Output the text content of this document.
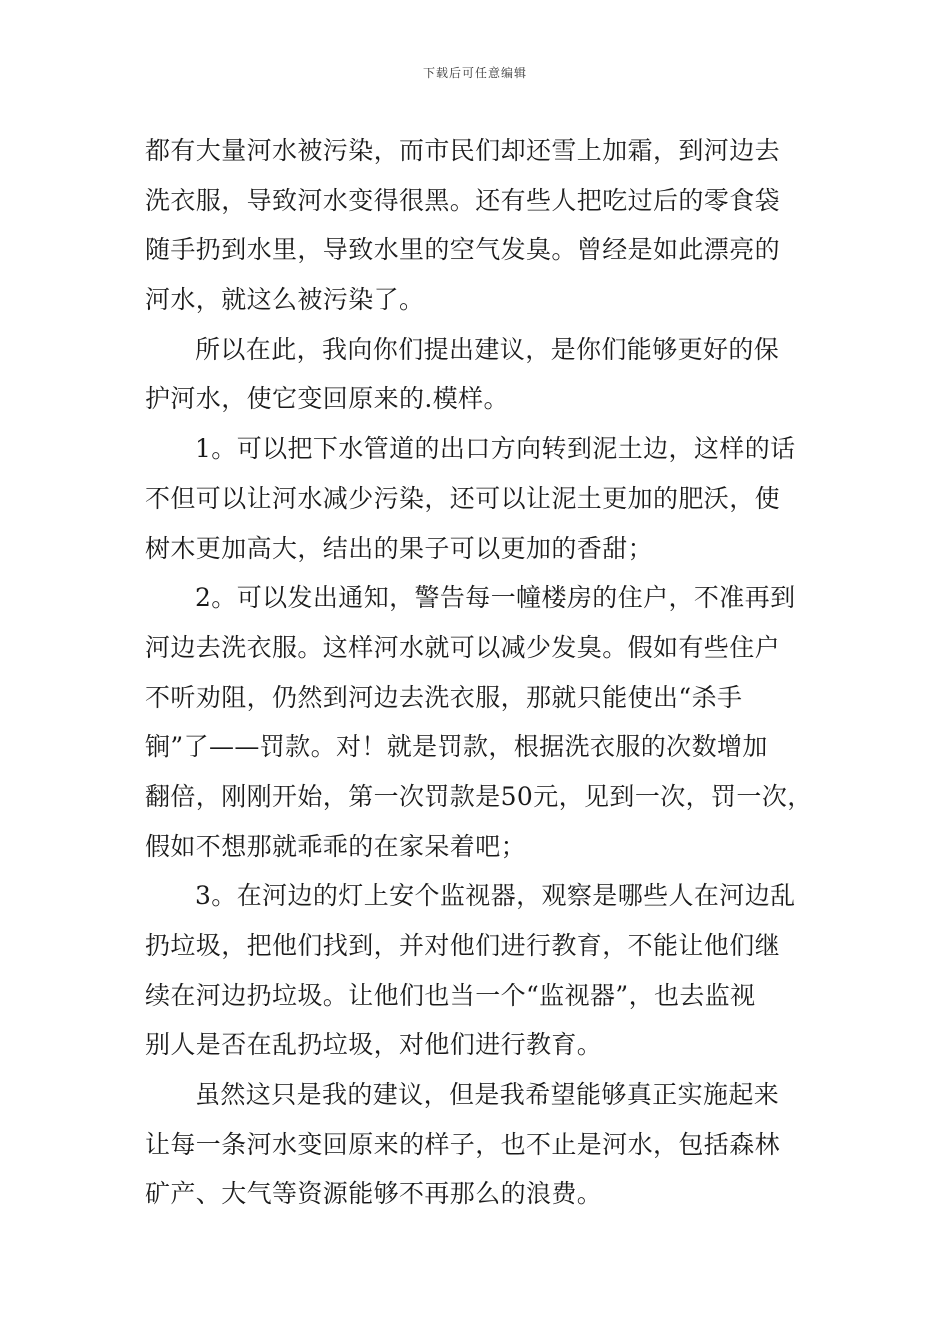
下载后可任意编辑
都有大量河水被污染，而市民们却还雪上加霜，到河边去
洗衣服，导致河水变得很黑。还有些人把吃过后的零食袋
随手扔到水里，导致水里的空气发臭。曾经是如此漂亮的
河水，就这么被污染了。
所以在此，我向你们提出建议，是你们能够更好的保
护河水，使它变回原来的.模样。
1。可以把下水管道的出口方向转到泥土边，这样的话
不但可以让河水减少污染，还可以让泥土更加的肥沃，使
树木更加高大，结出的果子可以更加的香甜；
2。可以发出通知，警告每一幢楼房的住户，不准再到
河边去洗衣服。这样河水就可以减少发臭。假如有些住户
不听劝阻，仍然到河边去洗衣服，那就只能使出“杀手
锏”了——罚款。对！就是罚款，根据洗衣服的次数增加
翻倍，刚刚开始，第一次罚款是50元，见到一次，罚一次，
假如不想那就乖乖的在家呆着吧；
3。在河边的灯上安个监视器，观察是哪些人在河边乱
扔垃圾，把他们找到，并对他们进行教育，不能让他们继
续在河边扔垃圾。让他们也当一个“监视器”，也去监视
别人是否在乱扔垃圾，对他们进行教育。
虽然这只是我的建议，但是我希望能够真正实施起来
让每一条河水变回原来的样子，也不止是河水，包括森林
矿产、大气等资源能够不再那么的浪费。
